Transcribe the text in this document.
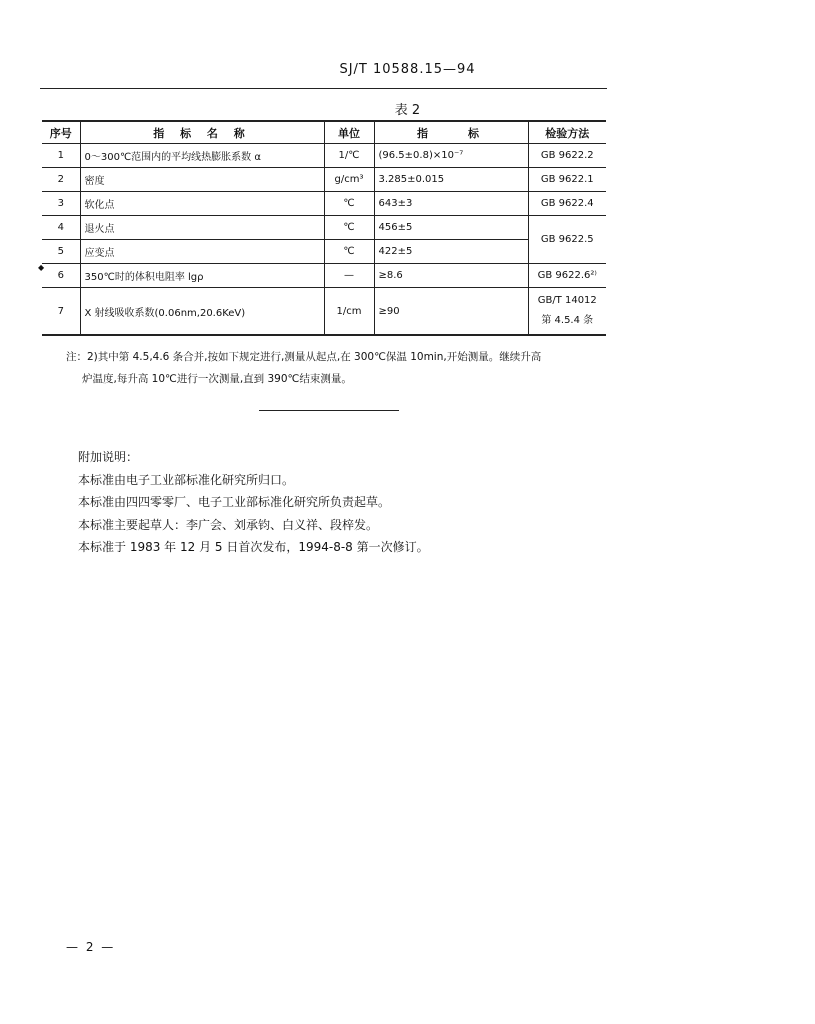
SJ/T 10588.15—94
表 2
◆
序号	指 标 名 称	单位	指　　标	检验方法
1	0～300℃范围内的平均线热膨胀系数 α	1/℃	(96.5±0.8)×10⁻⁷	GB 9622.2
2	密度	g/cm³	3.285±0.015	GB 9622.1
3	软化点	℃	643±3	GB 9622.4
4	退火点	℃	456±5	GB 9622.5
5	应变点	℃	422±5	
6	350℃时的体积电阻率 lgρ	—	≥8.6	GB 9622.6²⁾
7	X 射线吸收系数(0.06nm,20.6KeV)	1/cm	≥90	GB/T 14012
第 4.5.4 条
注：2)其中第 4.5,4.6 条合并,按如下规定进行,测量从起点,在 300℃保温 10min,开始测量。继续升高
炉温度,每升高 10℃进行一次测量,直到 390℃结束测量。
附加说明：
本标准由电子工业部标准化研究所归口。
本标准由四四零零厂、电子工业部标准化研究所负责起草。
本标准主要起草人：李广会、刘承钧、白义祥、段梓发。
本标准于 1983 年 12 月 5 日首次发布，1994-8-8 第一次修订。
— 2 —
